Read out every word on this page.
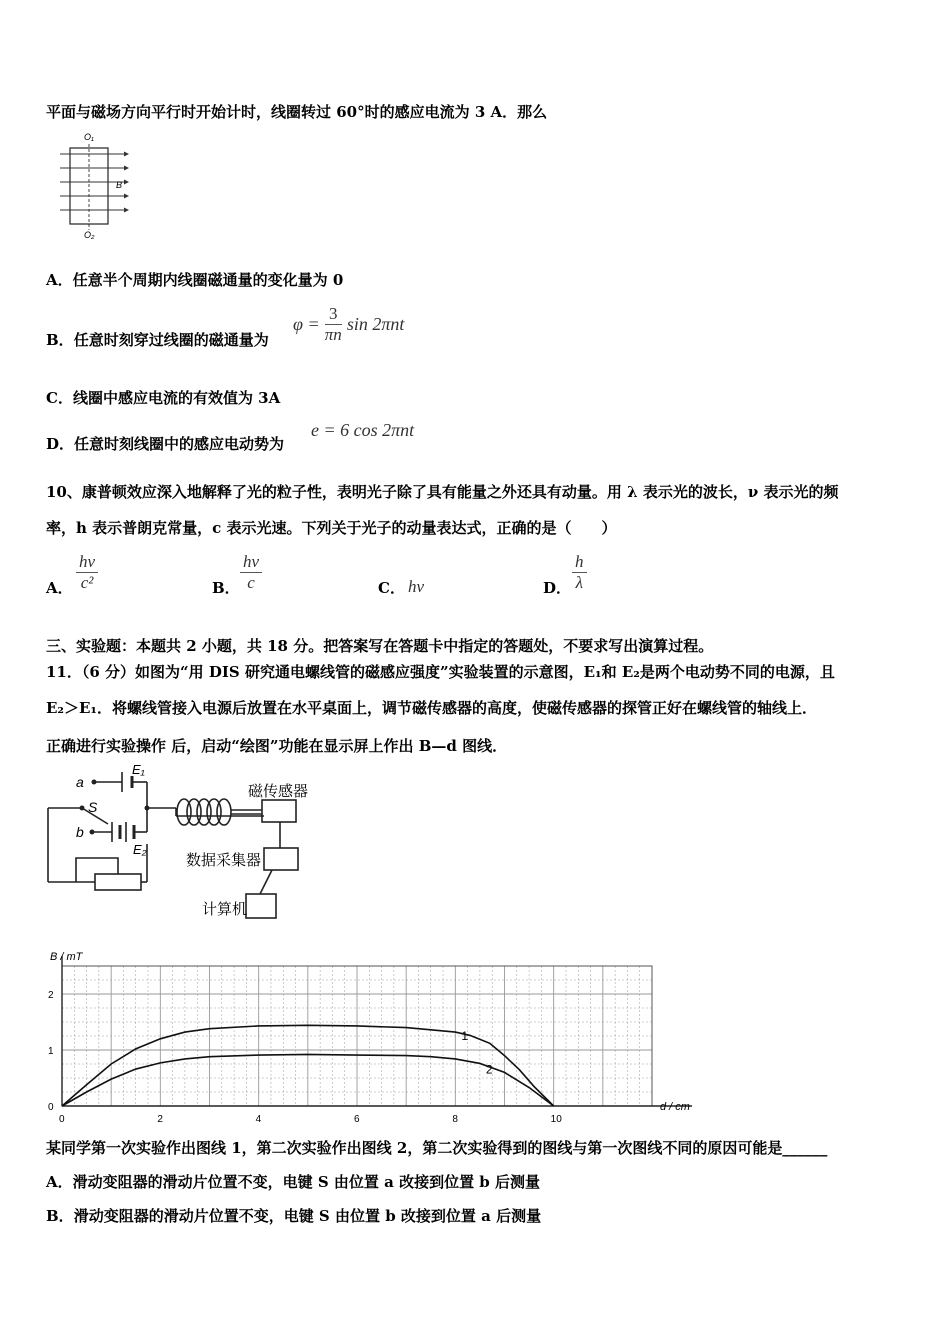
平面与磁场方向平行时开始计时，线圈转过 60°时的感应电流为 3 A．那么
O₁
B
O₂
A．任意半个周期内线圈磁通量的变化量为 0
B．任意时刻穿过线圈的磁通量为
$\varphi = \frac{3}{\pi n}$ sin 2πnt
C．线圈中感应电流的有效值为 3A
D．任意时刻线圈中的感应电动势为
e = 6 cos 2πnt
10、康普顿效应深入地解释了光的粒子性，表明光子除了具有能量之外还具有动量。用 λ 表示光的波长，ν 表示光的频
率，h 表示普朗克常量，c 表示光速。下列关于光子的动量表达式，正确的是（　　）
A． $\frac{h\nu}{\text{c²}}$	B． $\frac{h\nu}{c}$	C． hν	D． $\frac{h}{\lambda}$
三、实验题：本题共 2 小题，共 18 分。把答案写在答题卡中指定的答题处，不要求写出演算过程。
11．（6 分）如图为“用 DIS 研究通电螺线管的磁感应强度”实验装置的示意图，E₁和 E₂是两个电动势不同的电源，且
E₂＞E₁．将螺线管接入电源后放置在水平桌面上，调节磁传感器的高度，使磁传感器的探管正好在螺线管的轴线上．
正确进行实验操作 后，启动“绘图”功能在显示屏上作出 B—d 图线．
a
S
b
E₁
E₂
磁传感器
数据采集器
计算机
0	2	4	6	8	10
0
1
2
B / mT
d / cm
1
2
某同学第一次实验作出图线 1，第二次实验作出图线 2，第二次实验得到的图线与第一次图线不同的原因可能是______
A．滑动变阻器的滑动片位置不变，电键 S 由位置 a 改接到位置 b 后测量
B．滑动变阻器的滑动片位置不变，电键 S 由位置 b 改接到位置 a 后测量
